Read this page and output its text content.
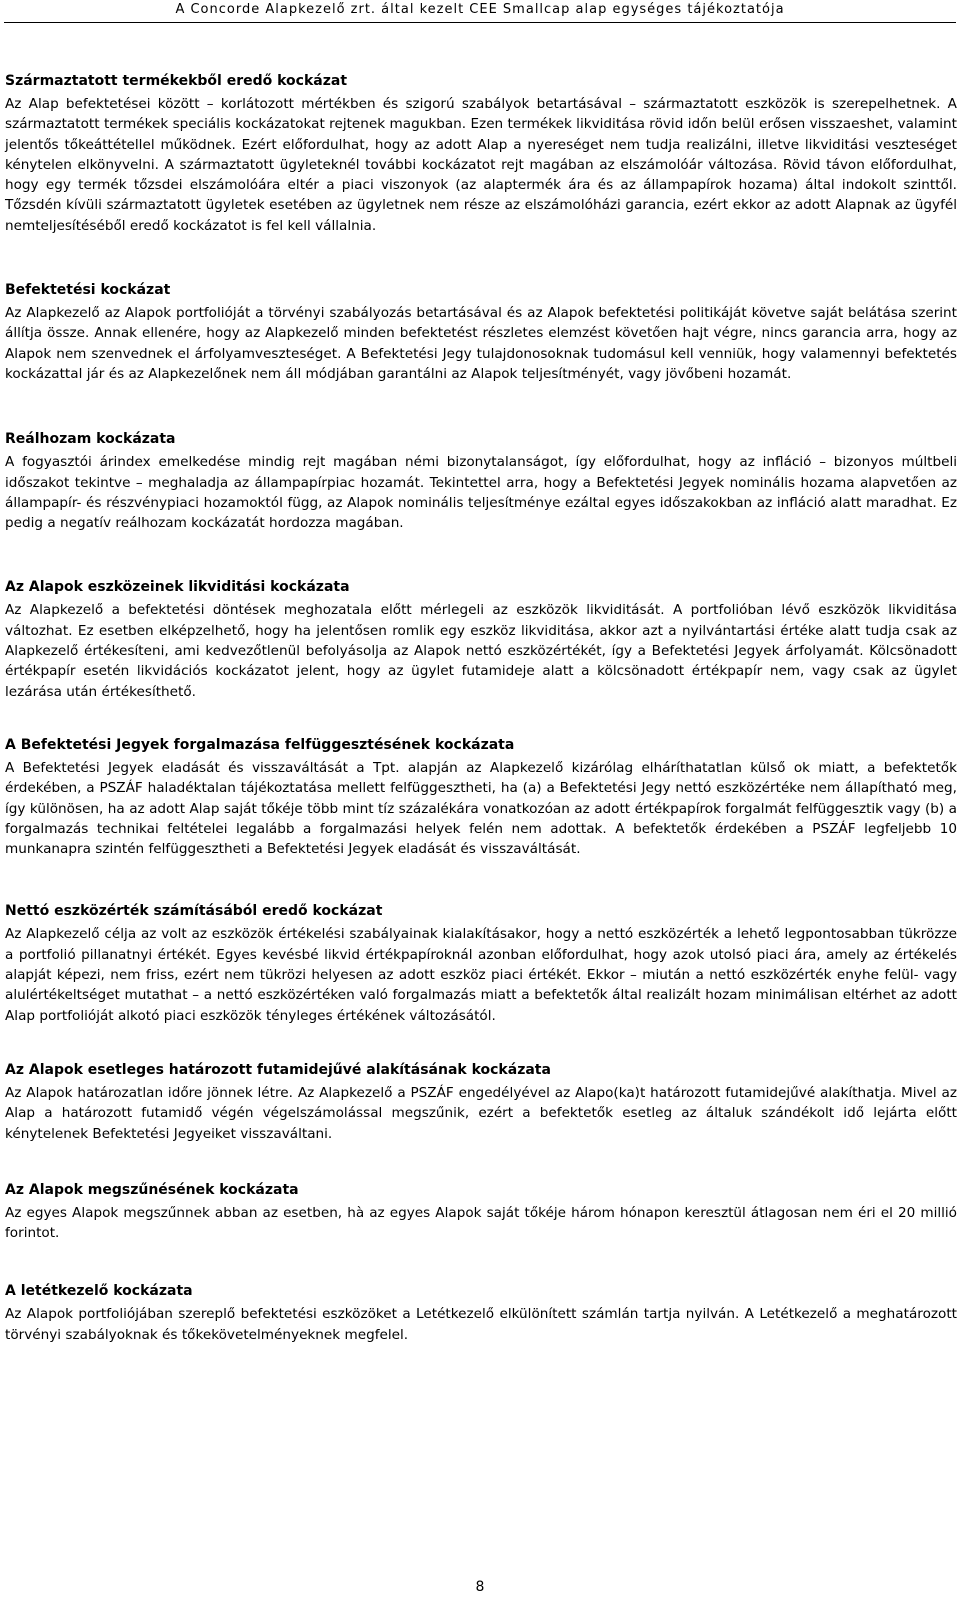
A Concorde Alapkezelő zrt. által kezelt CEE Smallcap alap egységes tájékoztatója
Származtatott termékekből eredő kockázat

Az Alap befektetései között – korlátozott mértékben és szigorú szabályok betartásával – származtatott eszközök is szerepelhetnek. A származtatott termékek speciális kockázatokat rejtenek magukban. Ezen termékek likviditása rövid időn belül erősen visszaeshet, valamint jelentős tőkeáttétellel működnek. Ezért előfordulhat, hogy az adott Alap a nyereséget nem tudja realizálni, illetve likviditási veszteséget kénytelen elkönyvelni. A származtatott ügyleteknél további kockázatot rejt magában az elszámolóár változása. Rövid távon előfordulhat, hogy egy termék tőzsdei elszámolóára eltér a piaci viszonyok (az alaptermék ára és az állampapírok hozama) által indokolt szinttől. Tőzsdén kívüli származtatott ügyletek esetében az ügyletnek nem része az elszámolóházi garancia, ezért ekkor az adott Alapnak az ügyfél nemteljesítéséből eredő kockázatot is fel kell vállalnia.

Befektetési kockázat

Az Alapkezelő az Alapok portfolióját a törvényi szabályozás betartásával és az Alapok befektetési politikáját követve saját belátása szerint állítja össze. Annak ellenére, hogy az Alapkezelő minden befektetést részletes elemzést követően hajt végre, nincs garancia arra, hogy az Alapok nem szenvednek el árfolyamveszteséget. A Befektetési Jegy tulajdonosoknak tudomásul kell venniük, hogy valamennyi befektetés kockázattal jár és az Alapkezelőnek nem áll módjában garantálni az Alapok teljesítményét, vagy jövőbeni hozamát.

Reálhozam kockázata

A fogyasztói árindex emelkedése mindig rejt magában némi bizonytalanságot, így előfordulhat, hogy az infláció – bizonyos múltbeli időszakot tekintve – meghaladja az állampapírpiac hozamát. Tekintettel arra, hogy a Befektetési Jegyek nominális hozama alapvetően az állampapír- és részvénypiaci hozamoktól függ, az Alapok nominális teljesítménye ezáltal egyes időszakokban az infláció alatt maradhat. Ez pedig a negatív reálhozam kockázatát hordozza magában.

Az Alapok eszközeinek likviditási kockázata

Az Alapkezelő a befektetési döntések meghozatala előtt mérlegeli az eszközök likviditását. A portfolióban lévő eszközök likviditása változhat. Ez esetben elképzelhető, hogy ha jelentősen romlik egy eszköz likviditása, akkor azt a nyilvántartási értéke alatt tudja csak az Alapkezelő értékesíteni, ami kedvezőtlenül befolyásolja az Alapok nettó eszközértékét, így a Befektetési Jegyek árfolyamát. Kölcsönadott értékpapír esetén likvidációs kockázatot jelent, hogy az ügylet futamideje alatt a kölcsönadott értékpapír nem, vagy csak az ügylet lezárása után értékesíthető.

A Befektetési Jegyek forgalmazása felfüggesztésének kockázata

A Befektetési Jegyek eladását és visszaváltását a Tpt. alapján az Alapkezelő kizárólag elháríthatatlan külső ok miatt, a befektetők érdekében, a PSZÁF haladéktalan tájékoztatása mellett felfüggesztheti, ha (a) a Befektetési Jegy nettó eszközértéke nem állapítható meg, így különösen, ha az adott Alap saját tőkéje több mint tíz százalékára vonatkozóan az adott értékpapírok forgalmát felfüggesztik vagy (b) a forgalmazás technikai feltételei legalább a forgalmazási helyek felén nem adottak. A befektetők érdekében a PSZÁF legfeljebb 10 munkanapra szintén felfüggesztheti a Befektetési Jegyek eladását és visszaváltását.

Nettó eszközérték számításából eredő kockázat

Az Alapkezelő célja az volt az eszközök értékelési szabályainak kialakításakor, hogy a nettó eszközérték a lehető legpontosabban tükrözze a portfolió pillanatnyi értékét. Egyes kevésbé likvid értékpapíroknál azonban előfordulhat, hogy azok utolsó piaci ára, amely az értékelés alapját képezi, nem friss, ezért nem tükrözi helyesen az adott eszköz piaci értékét. Ekkor – miután a nettó eszközérték enyhe felül- vagy alulértékeltséget mutathat – a nettó eszközértéken való forgalmazás miatt a befektetők által realizált hozam minimálisan eltérhet az adott Alap portfolióját alkotó piaci eszközök tényleges értékének változásától.

Az Alapok esetleges határozott futamidejűvé alakításának kockázata

Az Alapok határozatlan időre jönnek létre. Az Alapkezelő a PSZÁF engedélyével az Alapo(ka)t határozott futamidejűvé alakíthatja. Mivel az Alap a határozott futamidő végén végelszámolással megszűnik, ezért a befektetők esetleg az általuk szándékolt idő lejárta előtt kénytelenek Befektetési Jegyeiket visszaváltani.

Az Alapok megszűnésének kockázata

Az egyes Alapok megszűnnek abban az esetben, hà az egyes Alapok saját tőkéje három hónapon keresztül átlagosan nem éri el 20 millió forintot.

A letétkezelő kockázata

Az Alapok portfoliójában szereplő befektetési eszközöket a Letétkezelő elkülönített számlán tartja nyilván. A Letétkezelő a meghatározott törvényi szabályoknak és tőkekövetelményeknek megfelel.

8
